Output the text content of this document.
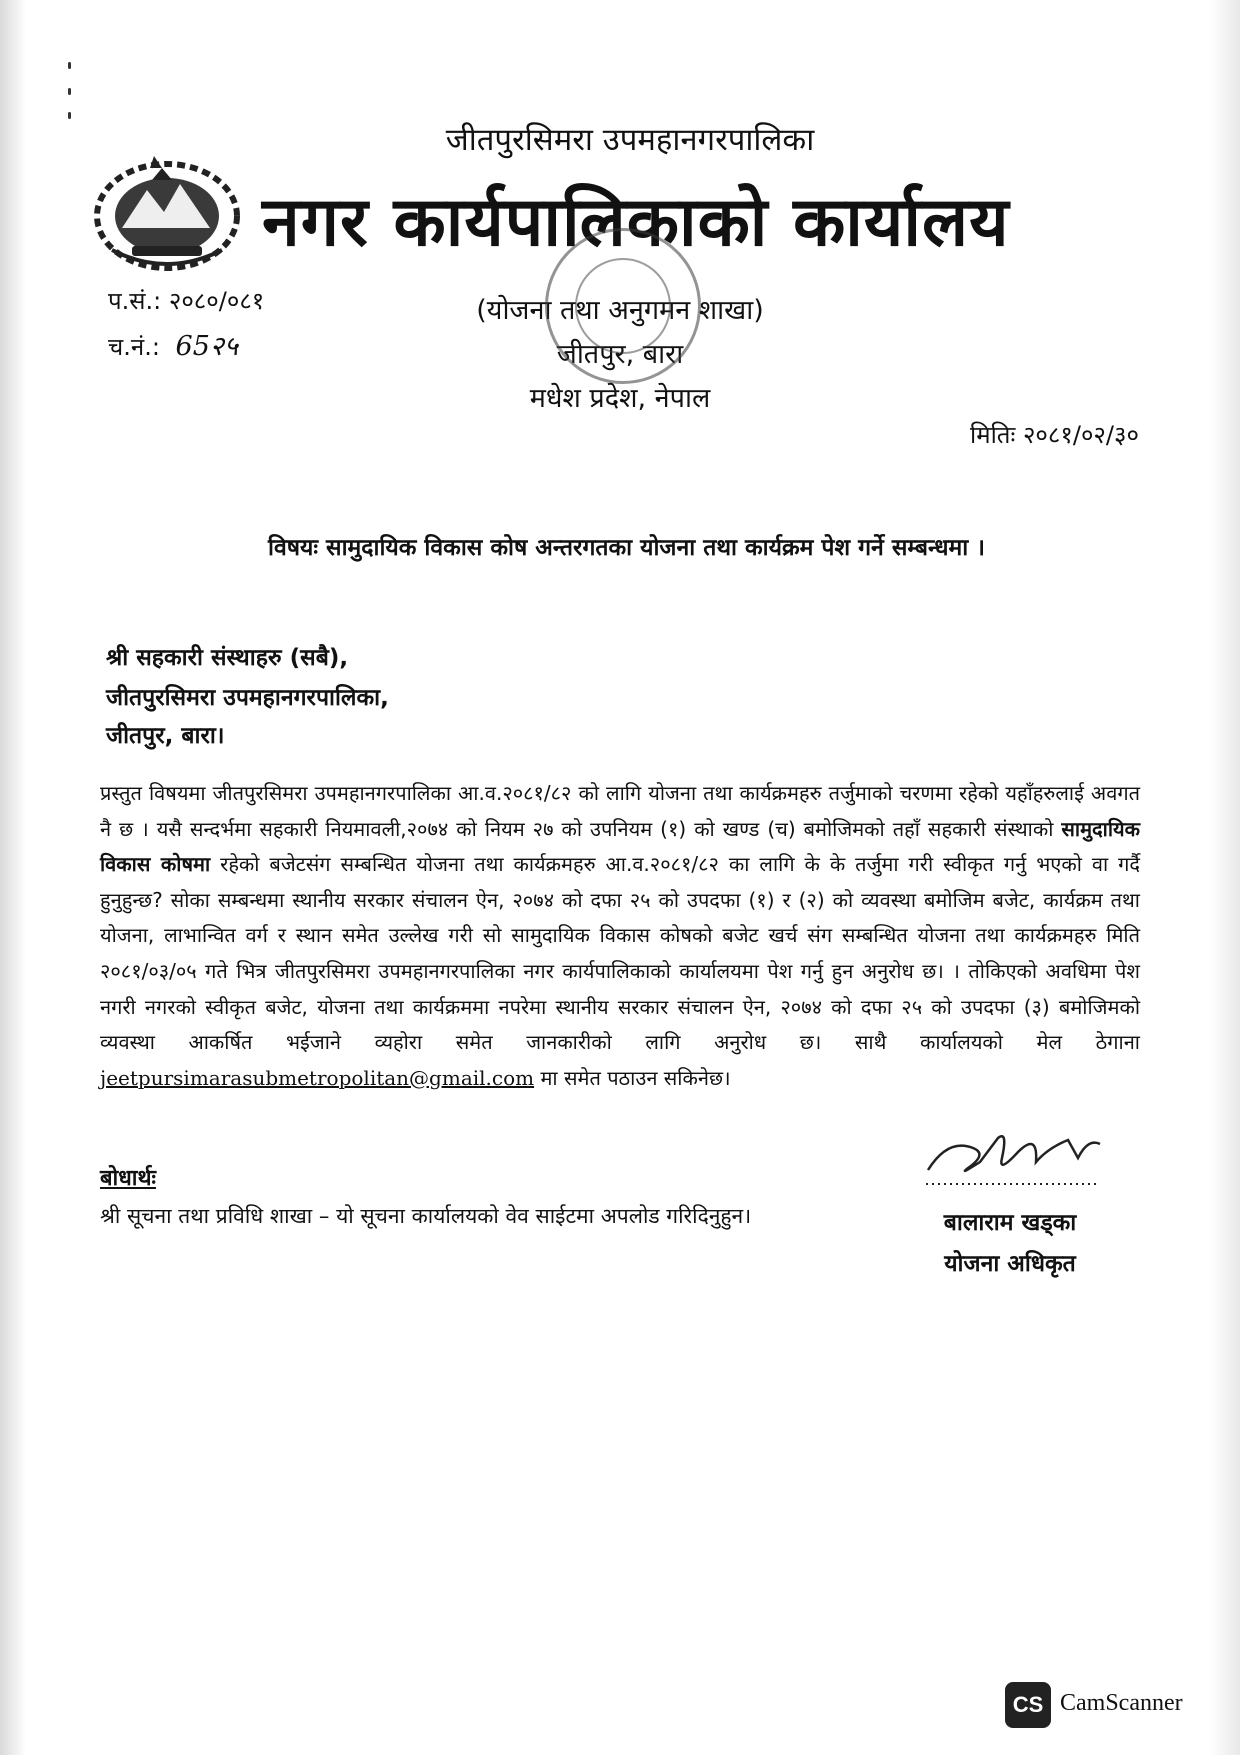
जीतपुरसिमरा उपमहानगरपालिका
नगर कार्यपालिकाको कार्यालय
प.सं.: २०८०/०८१
च.नं.: 65२५
(योजना तथा अनुगमन शाखा)
जीतपुर, बारा
मधेश प्रदेश, नेपाल
मितिः २०८१/०२/३०
विषयः सामुदायिक विकास कोष अन्तरगतका योजना तथा कार्यक्रम पेश गर्ने सम्बन्धमा ।
श्री सहकारी संस्थाहरु (सबै),
जीतपुरसिमरा उपमहानगरपालिका,
जीतपुर, बारा।
प्रस्तुत विषयमा जीतपुरसिमरा उपमहानगरपालिका आ.व.२०८१/८२ को लागि योजना तथा कार्यक्रमहरु तर्जुमाको चरणमा रहेको यहाँहरुलाई अवगत नै छ । यसै सन्दर्भमा सहकारी नियमावली,२०७४ को नियम २७ को उपनियम (१) को खण्ड (च) बमोजिमको तहाँ सहकारी संस्थाको सामुदायिक विकास कोषमा रहेको बजेटसंग सम्बन्धित योजना तथा कार्यक्रमहरु आ.व.२०८१/८२ का लागि के के तर्जुमा गरी स्वीकृत गर्नु भएको वा गर्दै हुनुहुन्छ? सोका सम्बन्धमा स्थानीय सरकार संचालन ऐन, २०७४ को दफा २५ को उपदफा (१) र (२) को व्यवस्था बमोजिम बजेट, कार्यक्रम तथा योजना, लाभान्वित वर्ग र स्थान समेत उल्लेख गरी सो सामुदायिक विकास कोषको बजेट खर्च संग सम्बन्धित योजना तथा कार्यक्रमहरु मिति २०८१/०३/०५ गते भित्र जीतपुरसिमरा उपमहानगरपालिका नगर कार्यपालिकाको कार्यालयमा पेश गर्नु हुन अनुरोध छ। । तोकिएको अवधिमा पेश नगरी नगरको स्वीकृत बजेट, योजना तथा कार्यक्रममा नपरेमा स्थानीय सरकार संचालन ऐन, २०७४ को दफा २५ को उपदफा (३) बमोजिमको व्यवस्था आकर्षित भईजाने व्यहोरा समेत जानकारीको लागि अनुरोध छ। साथै कार्यालयको मेल ठेगाना jeetpursimarasubmetropolitan@gmail.com मा समेत पठाउन सकिनेछ।
बोधार्थः
श्री सूचना तथा प्रविधि शाखा – यो सूचना कार्यालयको वेव साईटमा अपलोड गरिदिनुहुन।	बालाराम खड्का
योजना अधिकृत
CS CamScanner
